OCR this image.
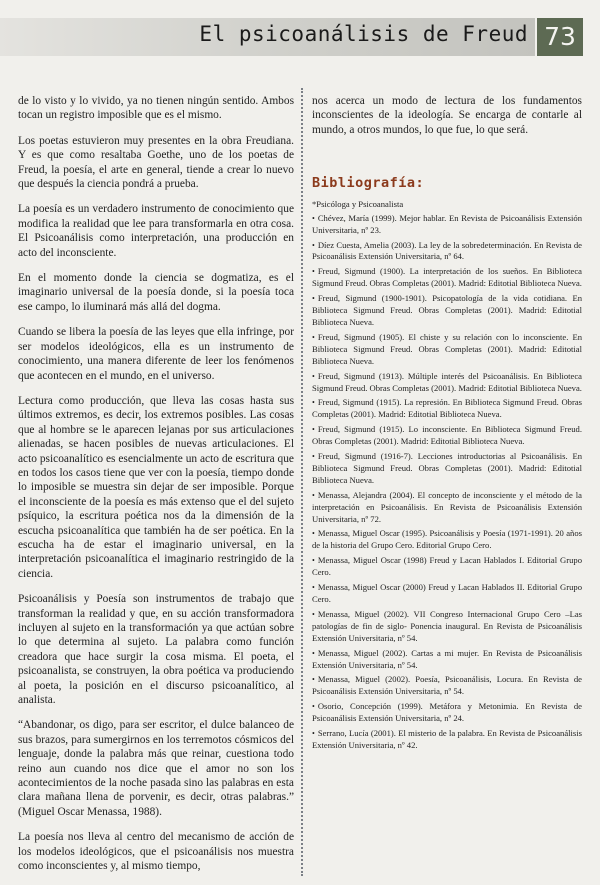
El psicoanálisis de Freud 73

de lo visto y lo vivido, ya no tienen ningún sentido. Ambos tocan un registro imposible que es el mismo.

Los poetas estuvieron muy presentes en la obra Freudiana. Y es que como resaltaba Goethe, uno de los poetas de Freud, la poesía, el arte en general, tiende a crear lo nuevo que después la ciencia pondrá a prueba.

La poesía es un verdadero instrumento de conocimiento que modifica la realidad que lee para transformarla en otra cosa. El Psicoanálisis como interpretación, una producción en acto del inconsciente.

En el momento donde la ciencia se dogmatiza, es el imaginario universal de la poesía donde, si la poesía toca ese campo, lo iluminará más allá del dogma.

Cuando se libera la poesía de las leyes que ella infringe, por ser modelos ideológicos, ella es un instrumento de conocimiento, una manera diferente de leer los fenómenos que acontecen en el mundo, en el universo.

Lectura como producción, que lleva las cosas hasta sus últimos extremos, es decir, los extremos posibles. Las cosas que al hombre se le aparecen lejanas por sus articulaciones alienadas, se hacen posibles de nuevas articulaciones. El acto psicoanalítico es esencialmente un acto de escritura que en todos los casos tiene que ver con la poesía, tiempo donde lo imposible se muestra sin dejar de ser imposible. Porque el inconsciente de la poesía es más extenso que el del sujeto psíquico, la escritura poética nos da la dimensión de la escucha psicoanalítica que también ha de ser poética. En la escucha ha de estar el imaginario universal, en la interpretación psicoanalítica el imaginario restringido de la ciencia.

Psicoanálisis y Poesía son instrumentos de trabajo que transforman la realidad y que, en su acción transformadora incluyen al sujeto en la transformación ya que actúan sobre lo que determina al sujeto. La palabra como función creadora que hace surgir la cosa misma. El poeta, el psicoanalista, se construyen, la obra poética va produciendo al poeta, la posición en el discurso psicoanalítico, al analista.

“Abandonar, os digo, para ser escritor, el dulce balanceo de sus brazos, para sumergirnos en los terremotos cósmicos del lenguaje, donde la palabra más que reinar, cuestiona todo reino aun cuando nos dice que el amor no son los acontecimientos de la noche pasada sino las palabras en esta clara mañana llena de porvenir, es decir, otras palabras.” (Miguel Oscar Menassa, 1988).

La poesía nos lleva al centro del mecanismo de acción de los modelos ideológicos, que el psicoanálisis nos muestra como inconscientes y, al mismo tiempo,

nos acerca un modo de lectura de los fundamentos inconscientes de la ideología. Se encarga de contarle al mundo, a otros mundos, lo que fue, lo que será.

Bibliografía:

*Psicóloga y Psicoanalista

• Chévez, María (1999). Mejor hablar. En Revista de Psicoanálisis Extensión Universitaria, nº 23.
• Díez Cuesta, Amelia (2003). La ley de la sobredeterminación. En Revista de Psicoanálisis Extensión Universitaria, nº 64.
• Freud, Sigmund (1900). La interpretación de los sueños. En Biblioteca Sigmund Freud. Obras Completas (2001). Madrid: Editotial Biblioteca Nueva.
• Freud, Sigmund (1900-1901). Psicopatología de la vida cotidiana. En Biblioteca Sigmund Freud. Obras Completas (2001). Madrid: Editotial Biblioteca Nueva.
• Freud, Sigmund (1905). El chiste y su relación con lo inconsciente. En Biblioteca Sigmund Freud. Obras Completas (2001). Madrid: Editotial Biblioteca Nueva.
• Freud, Sigmund (1913). Múltiple interés del Psicoanálisis. En Biblioteca Sigmund Freud. Obras Completas (2001). Madrid: Editotial Biblioteca Nueva.
• Freud, Sigmund (1915). La represión. En Biblioteca Sigmund Freud. Obras Completas (2001). Madrid: Editotial Biblioteca Nueva.
• Freud, Sigmund (1915). Lo inconsciente. En Biblioteca Sigmund Freud. Obras Completas (2001). Madrid: Editotial Biblioteca Nueva.
• Freud, Sigmund (1916-7). Lecciones introductorias al Psicoanálisis. En Biblioteca Sigmund Freud. Obras Completas (2001). Madrid: Editotial Biblioteca Nueva.
• Menassa, Alejandra (2004). El concepto de inconsciente y el método de la interpretación en Psicoanálisis. En Revista de Psicoanálisis Extensión Universitaria, nº 72.
• Menassa, Miguel Oscar (1995). Psicoanálisis y Poesía (1971-1991). 20 años de la historia del Grupo Cero. Editorial Grupo Cero.
• Menassa, Miguel Oscar (1998) Freud y Lacan Hablados I. Editorial Grupo Cero.
• Menassa, Miguel Oscar (2000) Freud y Lacan Hablados II. Editorial Grupo Cero.
• Menassa, Miguel (2002). VII Congreso Internacional Grupo Cero –Las patologías de fin de siglo- Ponencia inaugural. En Revista de Psicoanálisis Extensión Universitaria, nº 54.
• Menassa, Miguel (2002). Cartas a mi mujer. En Revista de Psicoanálisis Extensión Universitaria, nº 54.
• Menassa, Miguel (2002). Poesía, Psicoanálisis, Locura. En Revista de Psicoanálisis Extensión Universitaria, nº 54.
• Osorio, Concepción (1999). Metáfora y Metonimia. En Revista de Psicoanálisis Extensión Universitaria, nº 24.
• Serrano, Lucía (2001). El misterio de la palabra. En Revista de Psicoanálisis Extensión Universitaria, nº 42.
